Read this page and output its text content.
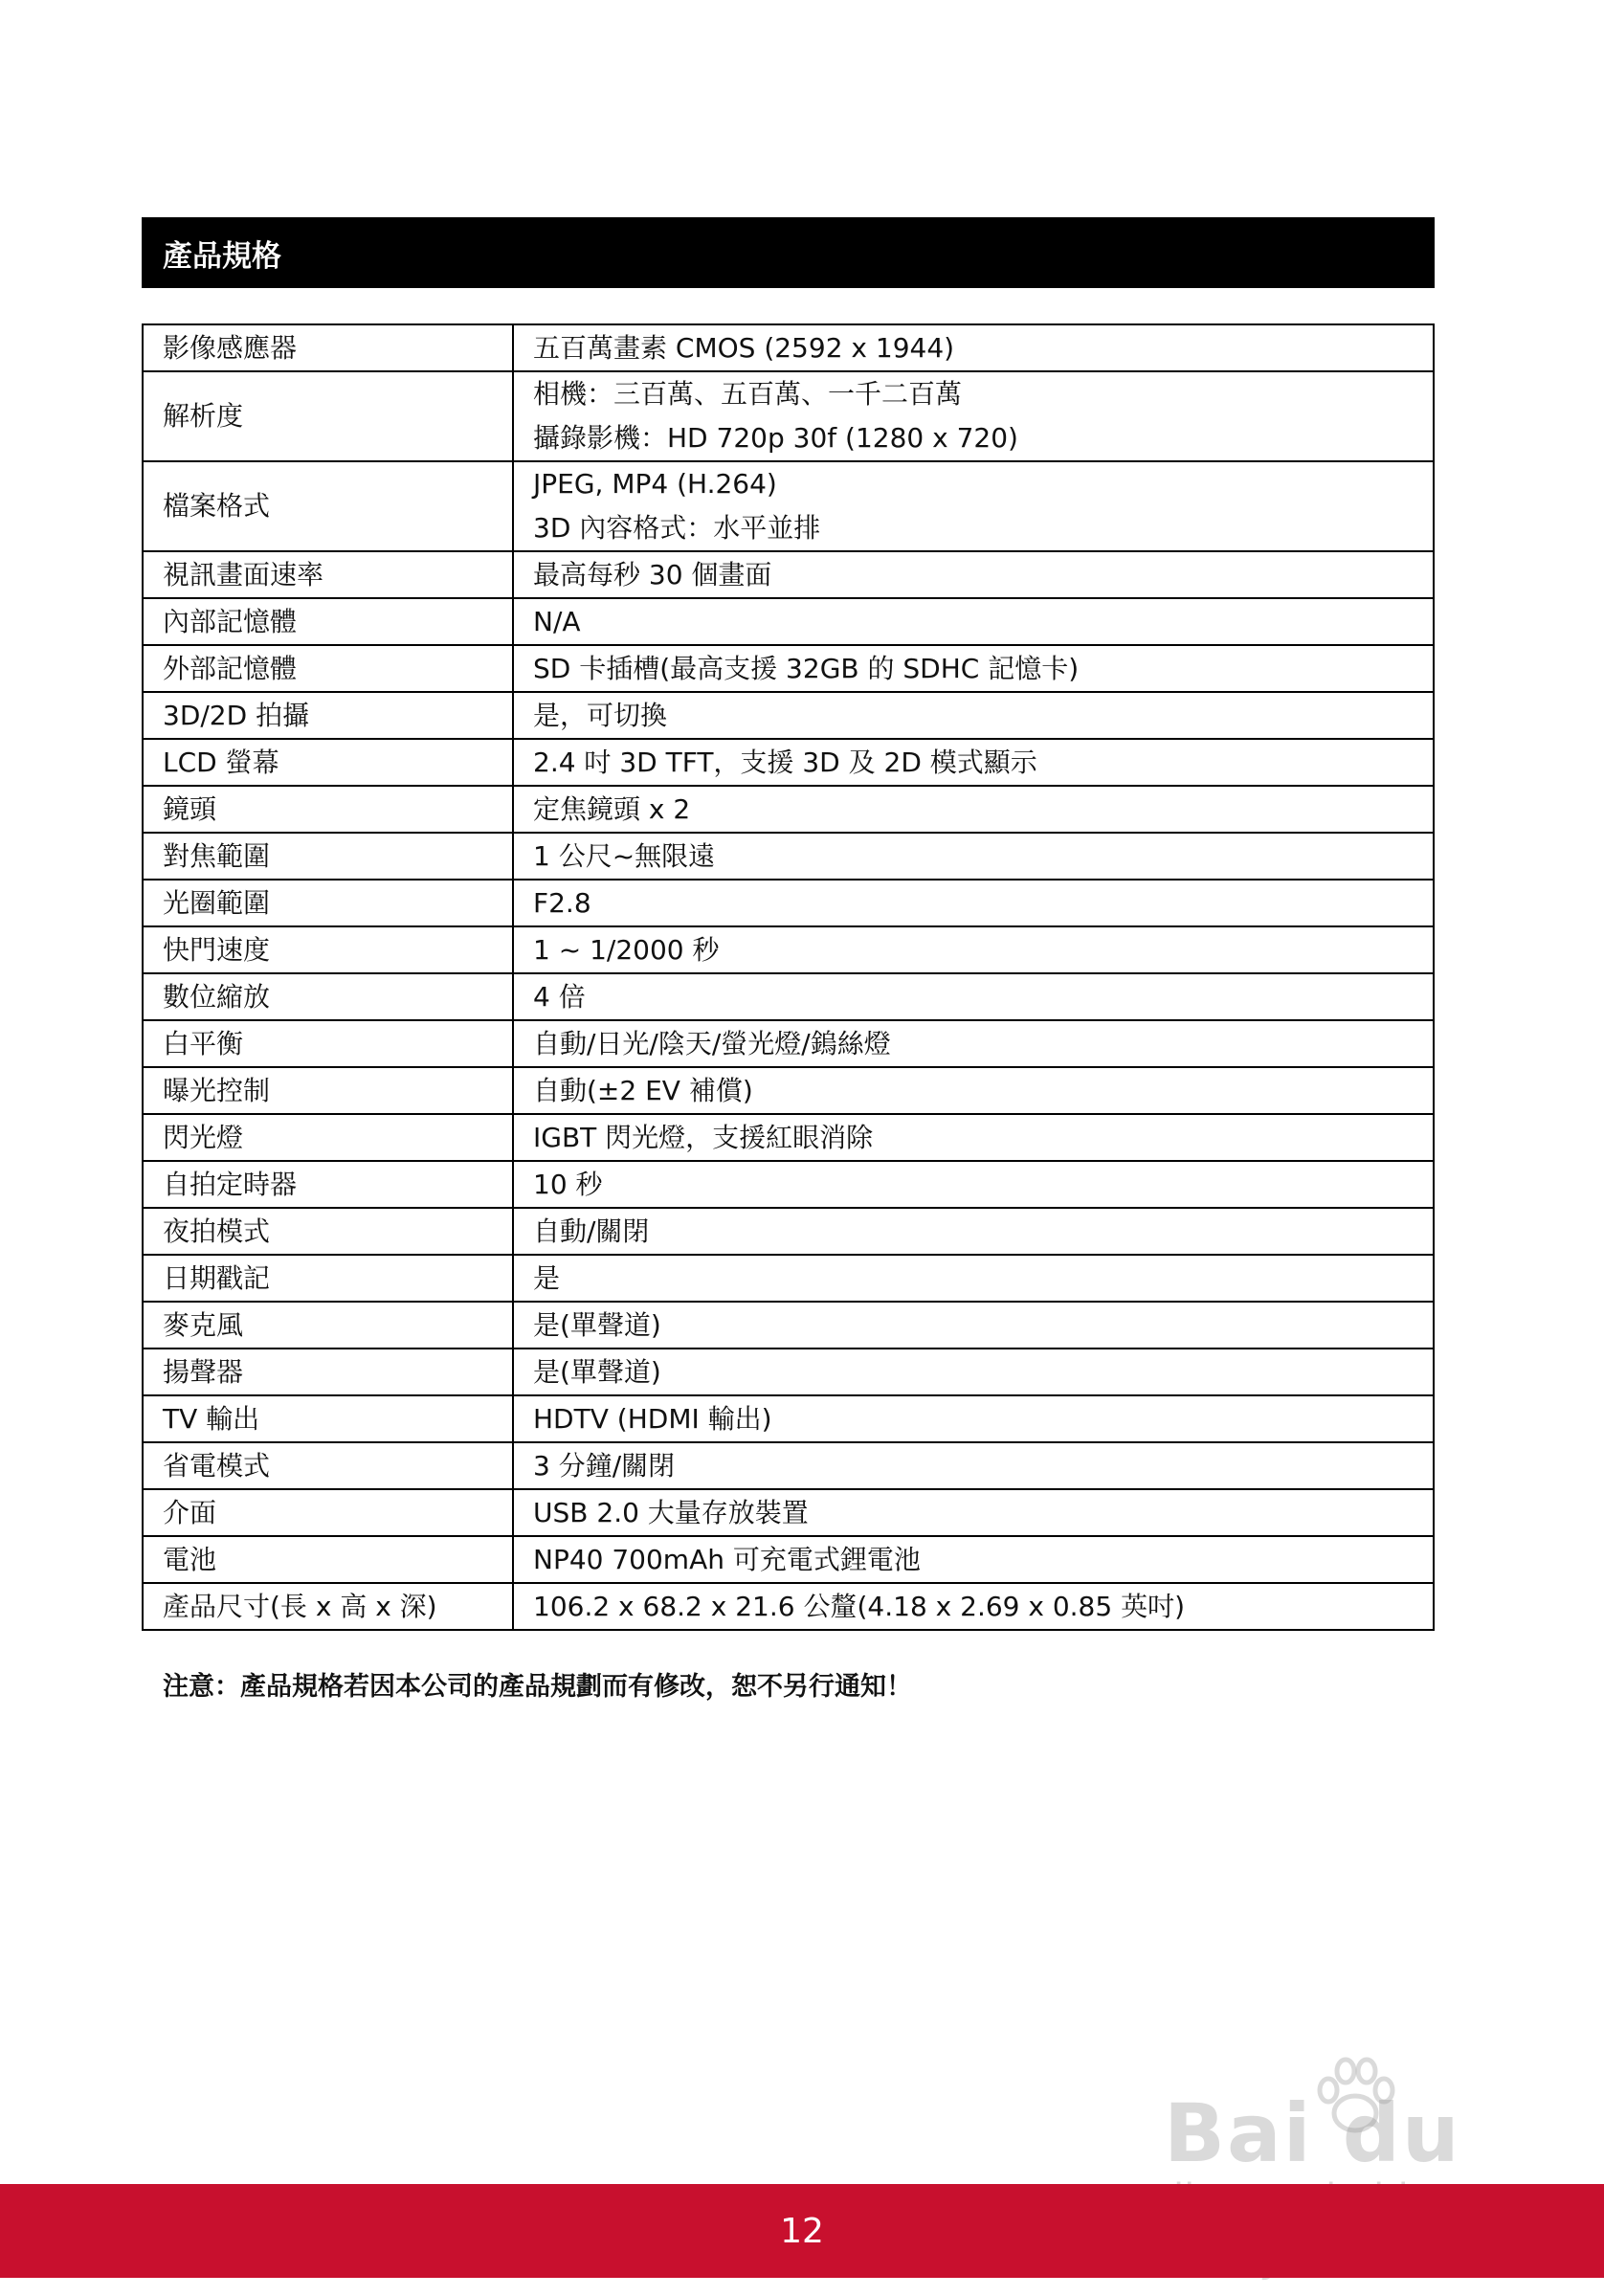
產品規格
影像感應器	五百萬畫素 CMOS (2592 x 1944)

解析度	相機：三百萬、五百萬、一千二百萬
攝錄影機：HD 720p 30f (1280 x 720)

檔案格式	JPEG, MP4 (H.264)
3D 內容格式：水平並排

視訊畫面速率	最高每秒 30 個畫面

內部記憶體	N/A

外部記憶體	SD 卡插槽(最高支援 32GB 的 SDHC 記憶卡)

3D/2D 拍攝	是，可切換

LCD 螢幕	2.4 吋 3D TFT，支援 3D 及 2D 模式顯示

鏡頭	定焦鏡頭 x 2

對焦範圍	1 公尺~無限遠

光圈範圍	F2.8

快門速度	1 ~ 1/2000 秒

數位縮放	4 倍

白平衡	自動/日光/陰天/螢光燈/鎢絲燈

曝光控制	自動(±2 EV 補償)

閃光燈	IGBT 閃光燈，支援紅眼消除

自拍定時器	10 秒

夜拍模式	自動/關閉

日期戳記	是

麥克風	是(單聲道)

揚聲器	是(單聲道)

TV 輸出	HDTV (HDMI 輸出)

省電模式	3 分鐘/關閉

介面	USB 2.0 大量存放裝置

電池	NP40 700mAh 可充電式鋰電池

產品尺寸(長 x 高 x 深)	106.2 x 68.2 x 21.6 公釐(4.18 x 2.69 x 0.85 英吋)
注意：產品規格若因本公司的產品規劃而有修改，恕不另行通知！
Bai du
12
